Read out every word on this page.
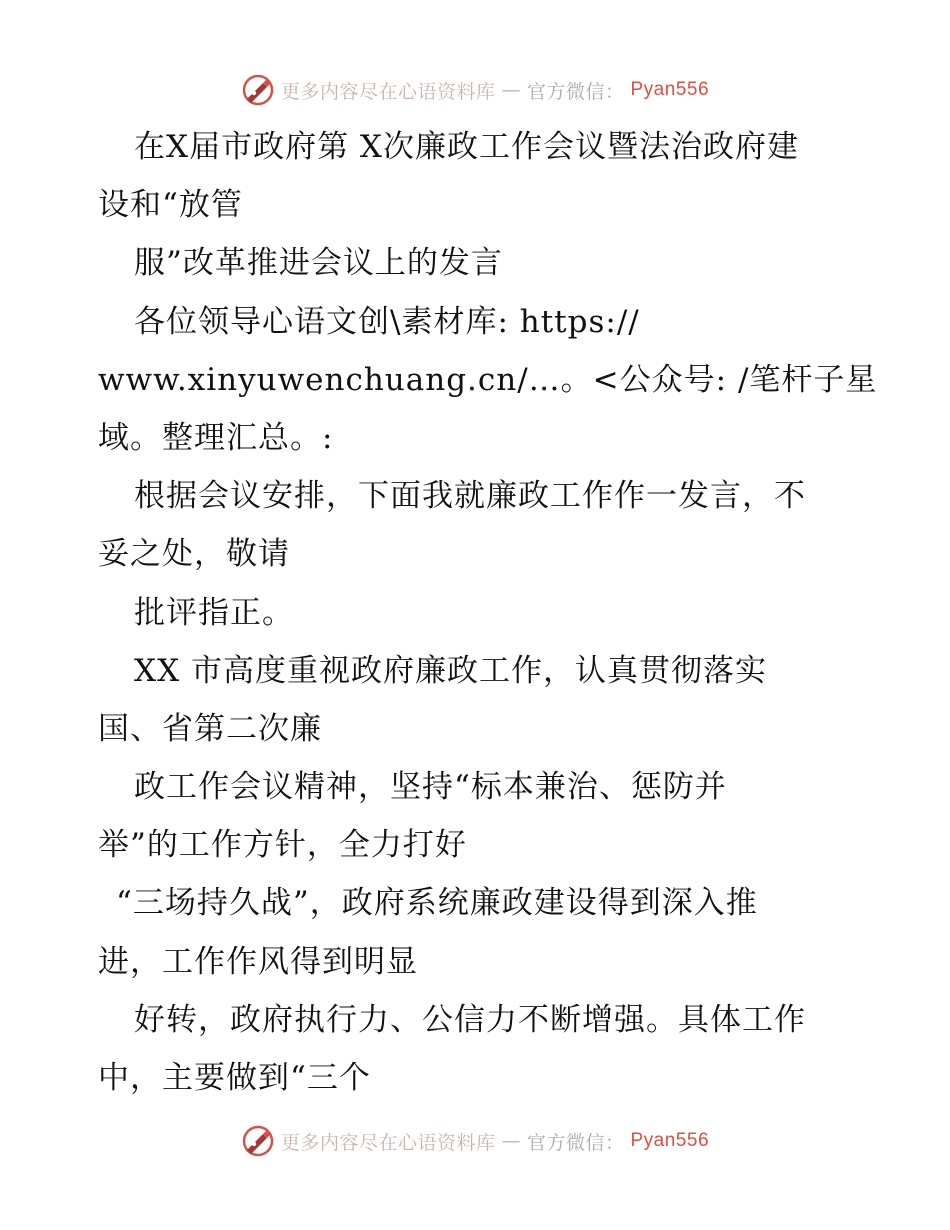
更多内容尽在心语资料库 — 官方微信： Pyan556
在X届市政府第 X次廉政工作会议暨法治政府建
设和“放管
服”改革推进会议上的发言
各位领导心语文创\素材库: https://
www.xinyuwenchuang.cn/…。<公众号: /笔杆子星
域。整理汇总。:
根据会议安排，下面我就廉政工作作一发言，不
妥之处，敬请
批评指正。
XX 市高度重视政府廉政工作，认真贯彻落实
国、省第二次廉
政工作会议精神，坚持“标本兼治、惩防并
举”的工作方针，全力打好
“三场持久战”，政府系统廉政建设得到深入推
进，工作作风得到明显
好转，政府执行力、公信力不断增强。具体工作
中，主要做到“三个
更多内容尽在心语资料库 — 官方微信： Pyan556
